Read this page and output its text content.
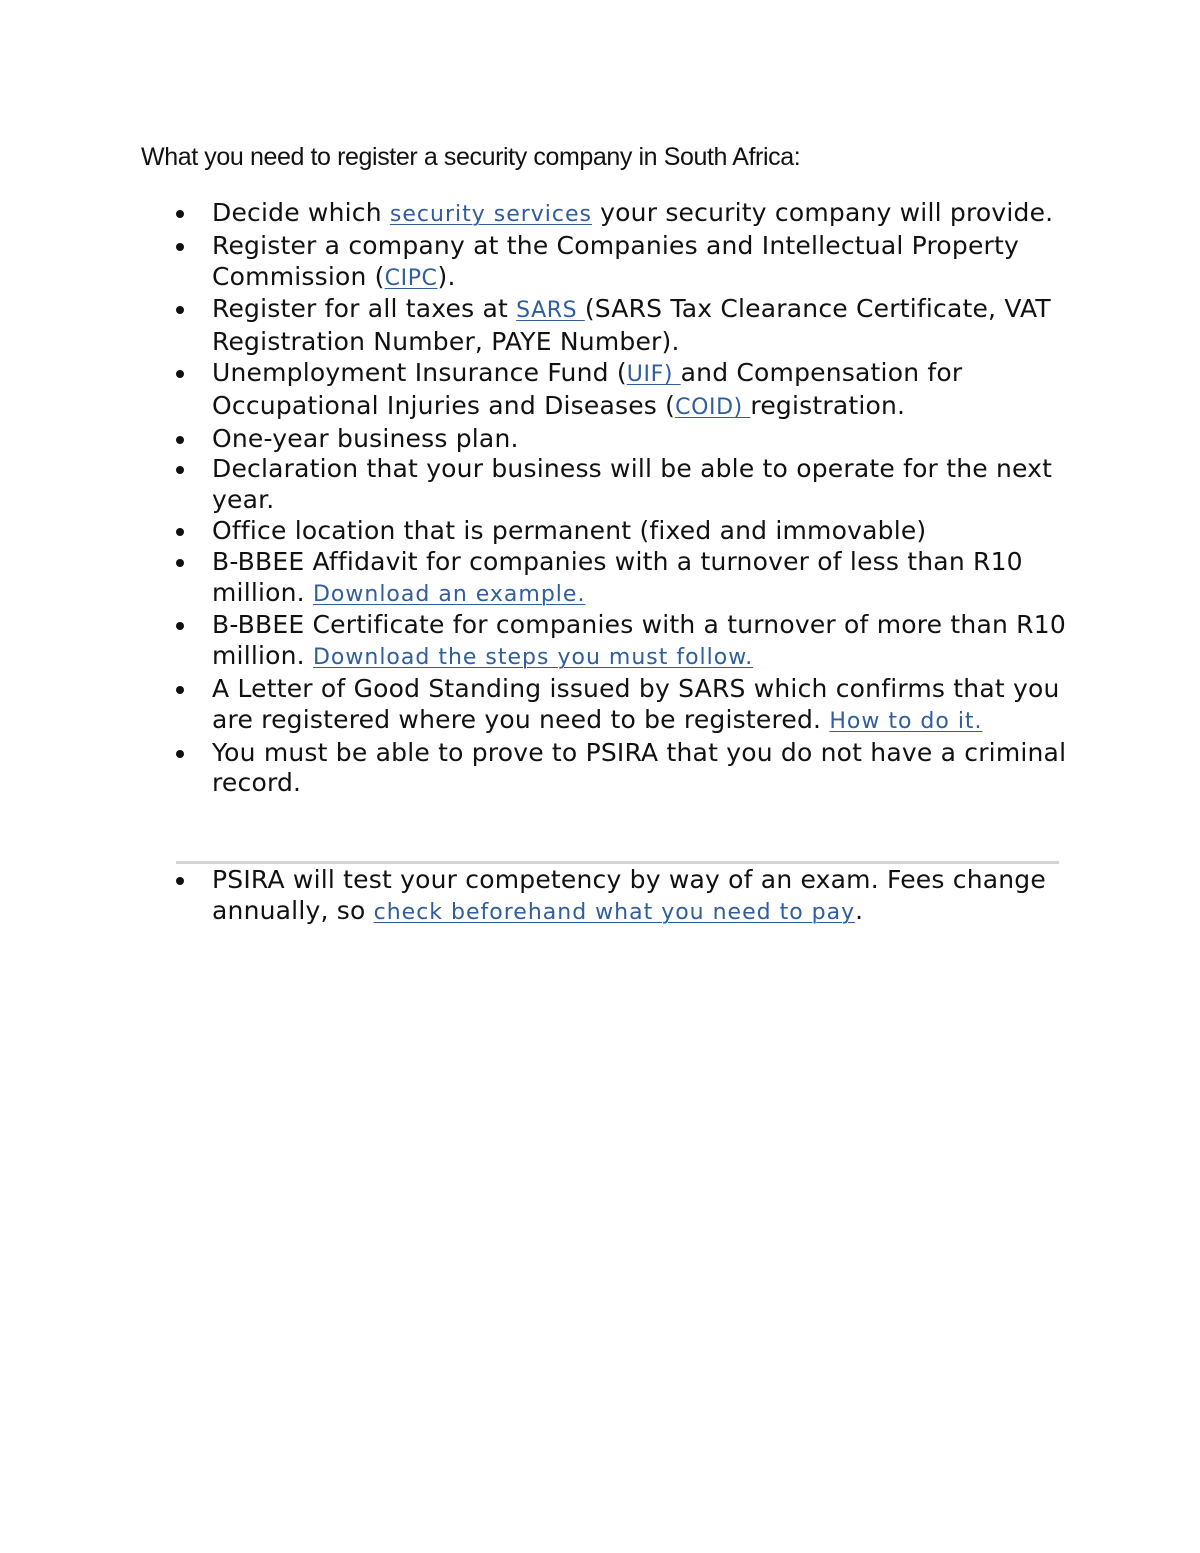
What you need to register a security company in South Africa:

Decide which security services your security company will provide.
Register a company at the Companies and Intellectual Property Commission (CIPC).
Register for all taxes at SARS (SARS Tax Clearance Certificate, VAT Registration Number, PAYE Number).
Unemployment Insurance Fund (UIF) and Compensation for Occupational Injuries and Diseases (COID) registration.
One-year business plan.
Declaration that your business will be able to operate for the next year.
Office location that is permanent (fixed and immovable)
B-BBEE Affidavit for companies with a turnover of less than R10 million. Download an example.
B-BBEE Certificate for companies with a turnover of more than R10 million. Download the steps you must follow.
A Letter of Good Standing issued by SARS which confirms that you are registered where you need to be registered. How to do it.
You must be able to prove to PSIRA that you do not have a criminal record.
PSIRA will test your competency by way of an exam. Fees change annually, so check beforehand what you need to pay.
